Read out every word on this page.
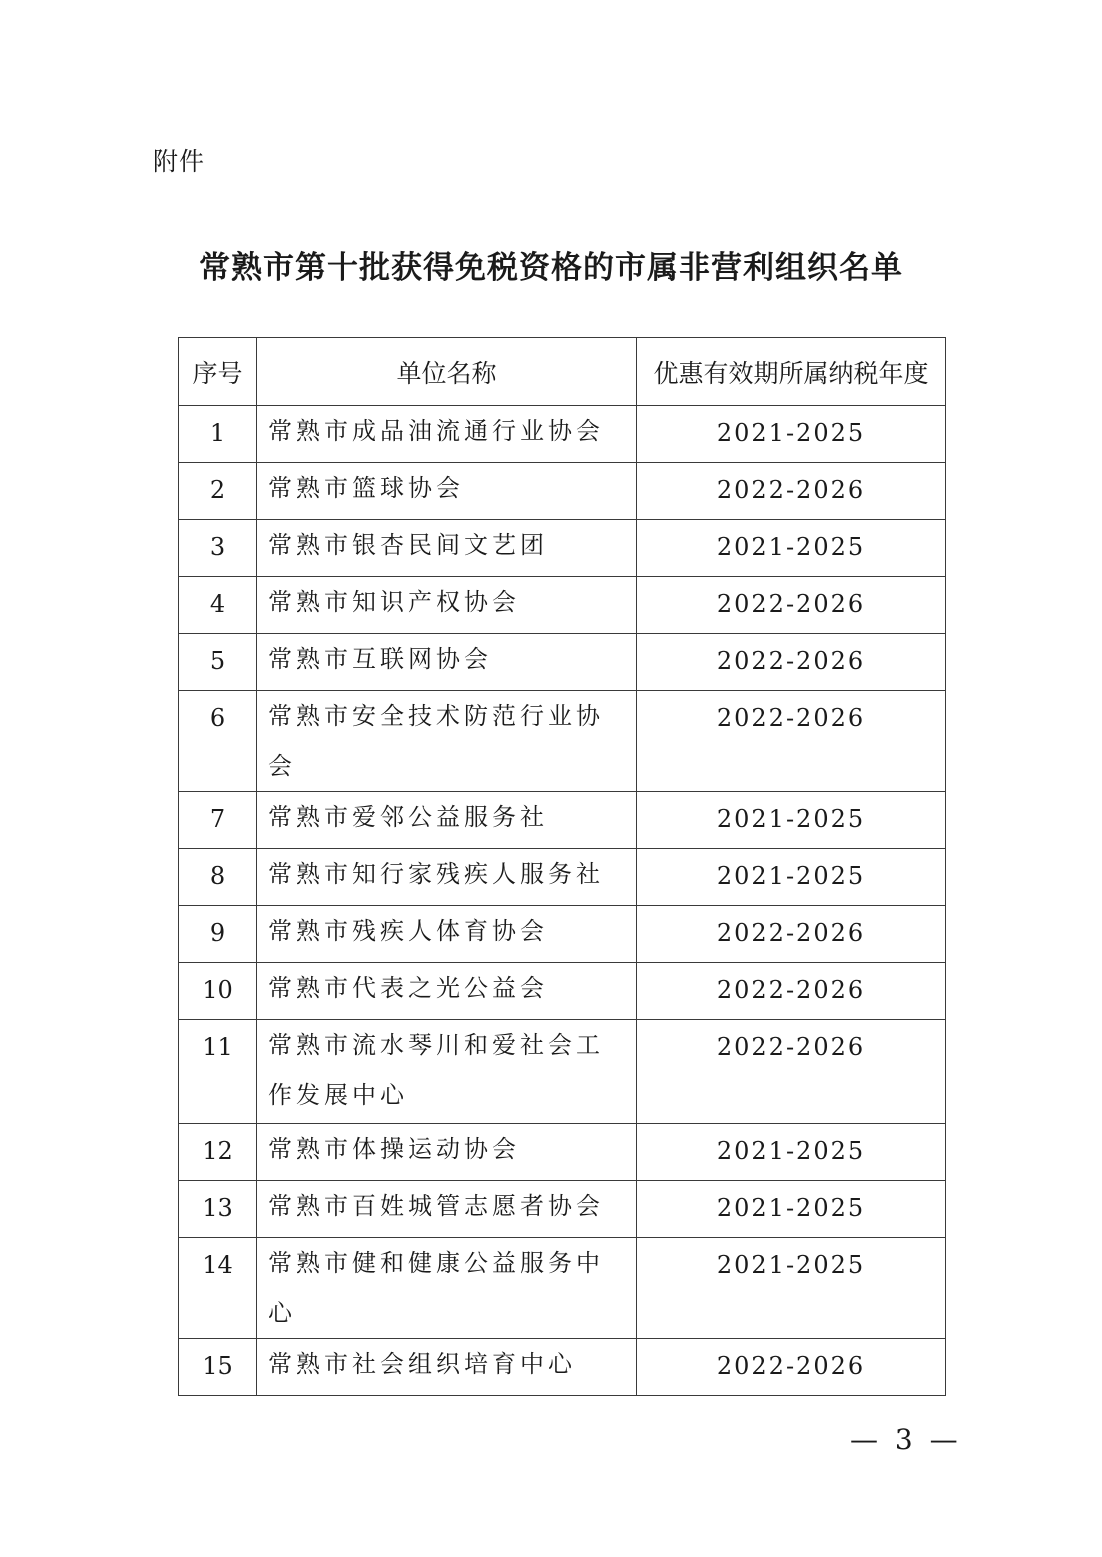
附件
常熟市第十批获得免税资格的市属非营利组织名单
序号	单位名称	优惠有效期所属纳税年度
1	常熟市成品油流通行业协会	2021-2025
2	常熟市篮球协会	2022-2026
3	常熟市银杏民间文艺团	2021-2025
4	常熟市知识产权协会	2022-2026
5	常熟市互联网协会	2022-2026
6	常熟市安全技术防范行业协会	2022-2026
7	常熟市爱邻公益服务社	2021-2025
8	常熟市知行家残疾人服务社	2021-2025
9	常熟市残疾人体育协会	2022-2026
10	常熟市代表之光公益会	2022-2026
11	常熟市流水琴川和爱社会工作发展中心	2022-2026
12	常熟市体操运动协会	2021-2025
13	常熟市百姓城管志愿者协会	2021-2025
14	常熟市健和健康公益服务中心	2021-2025
15	常熟市社会组织培育中心	2022-2026
— 3 —
